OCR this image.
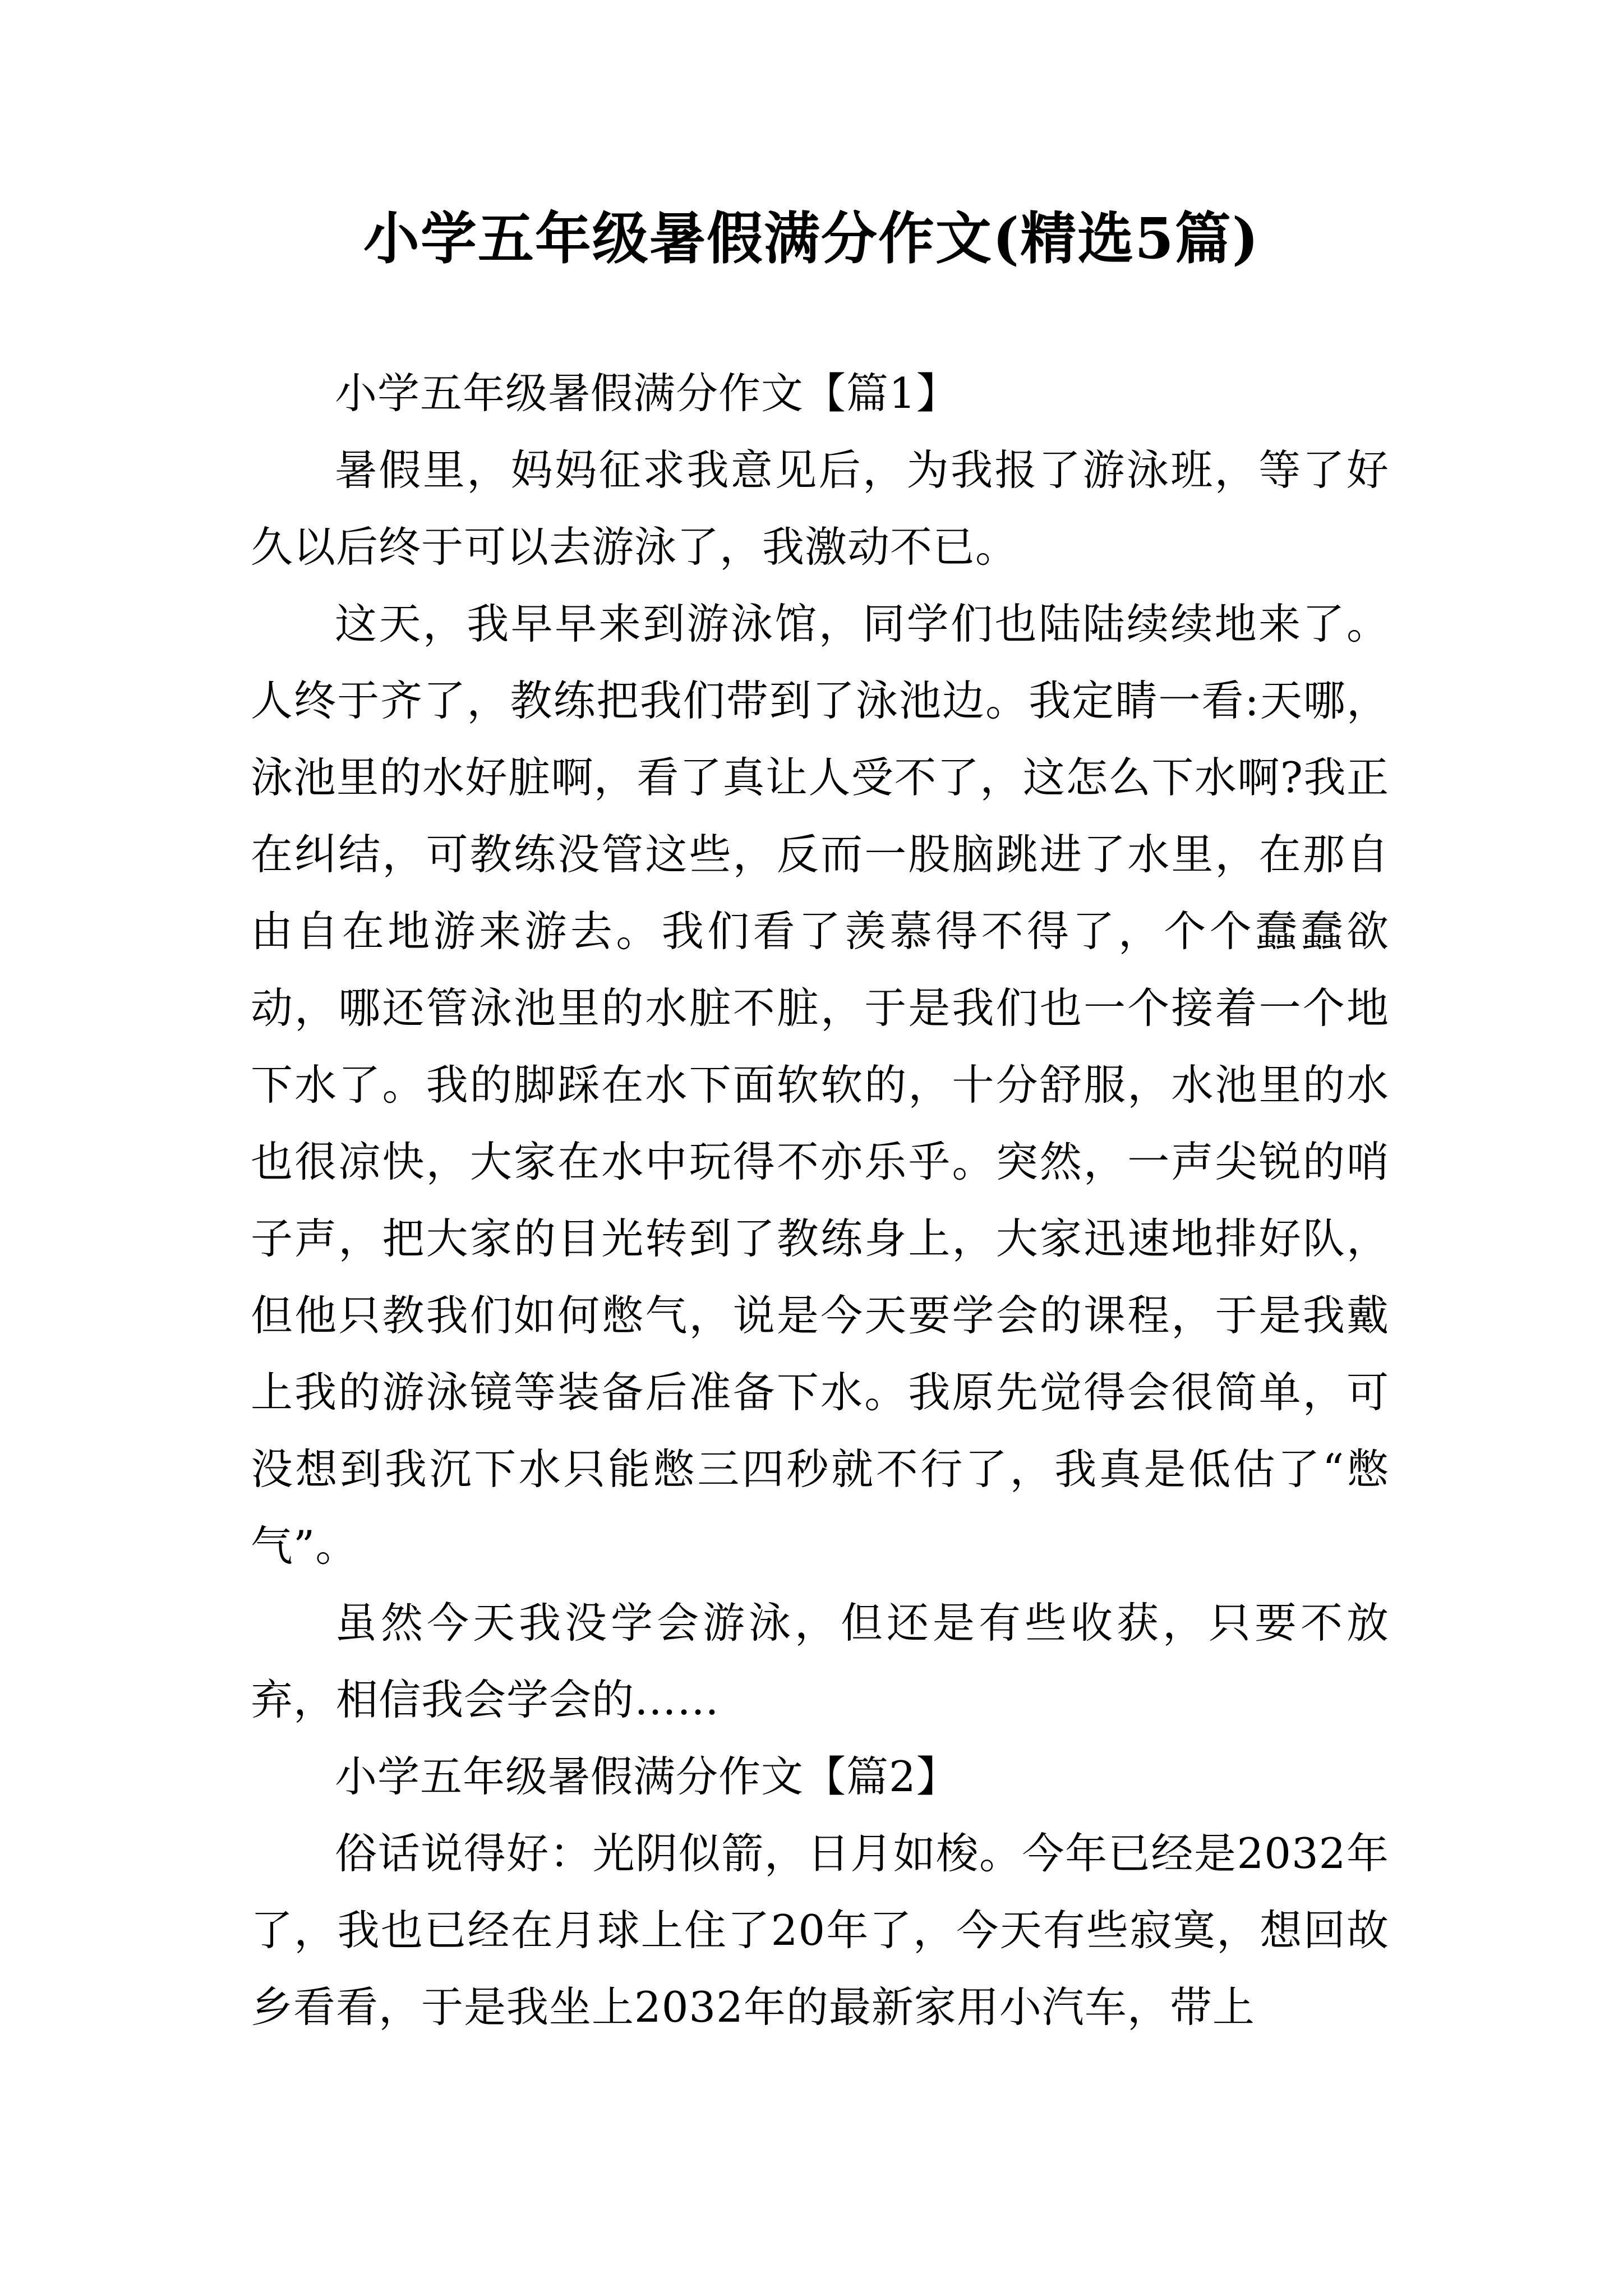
小学五年级暑假满分作文(精选5篇)

小学五年级暑假满分作文【篇1】

暑假里，妈妈征求我意见后，为我报了游泳班，等了好久以后终于可以去游泳了，我激动不已。

这天，我早早来到游泳馆，同学们也陆陆续续地来了。人终于齐了，教练把我们带到了泳池边。我定睛一看:天哪，泳池里的水好脏啊，看了真让人受不了，这怎么下水啊?我正在纠结，可教练没管这些，反而一股脑跳进了水里，在那自由自在地游来游去。我们看了羡慕得不得了，个个蠢蠢欲动，哪还管泳池里的水脏不脏，于是我们也一个接着一个地下水了。我的脚踩在水下面软软的，十分舒服，水池里的水也很凉快，大家在水中玩得不亦乐乎。突然，一声尖锐的哨子声，把大家的目光转到了教练身上，大家迅速地排好队，但他只教我们如何憋气，说是今天要学会的课程，于是我戴上我的游泳镜等装备后准备下水。我原先觉得会很简单，可没想到我沉下水只能憋三四秒就不行了，我真是低估了“憋气”。

虽然今天我没学会游泳，但还是有些收获，只要不放弃，相信我会学会的……

小学五年级暑假满分作文【篇2】

俗话说得好：光阴似箭，日月如梭。今年已经是2032年了，我也已经在月球上住了20年了，今天有些寂寞，想回故乡看看，于是我坐上2032年的最新家用小汽车，带上
